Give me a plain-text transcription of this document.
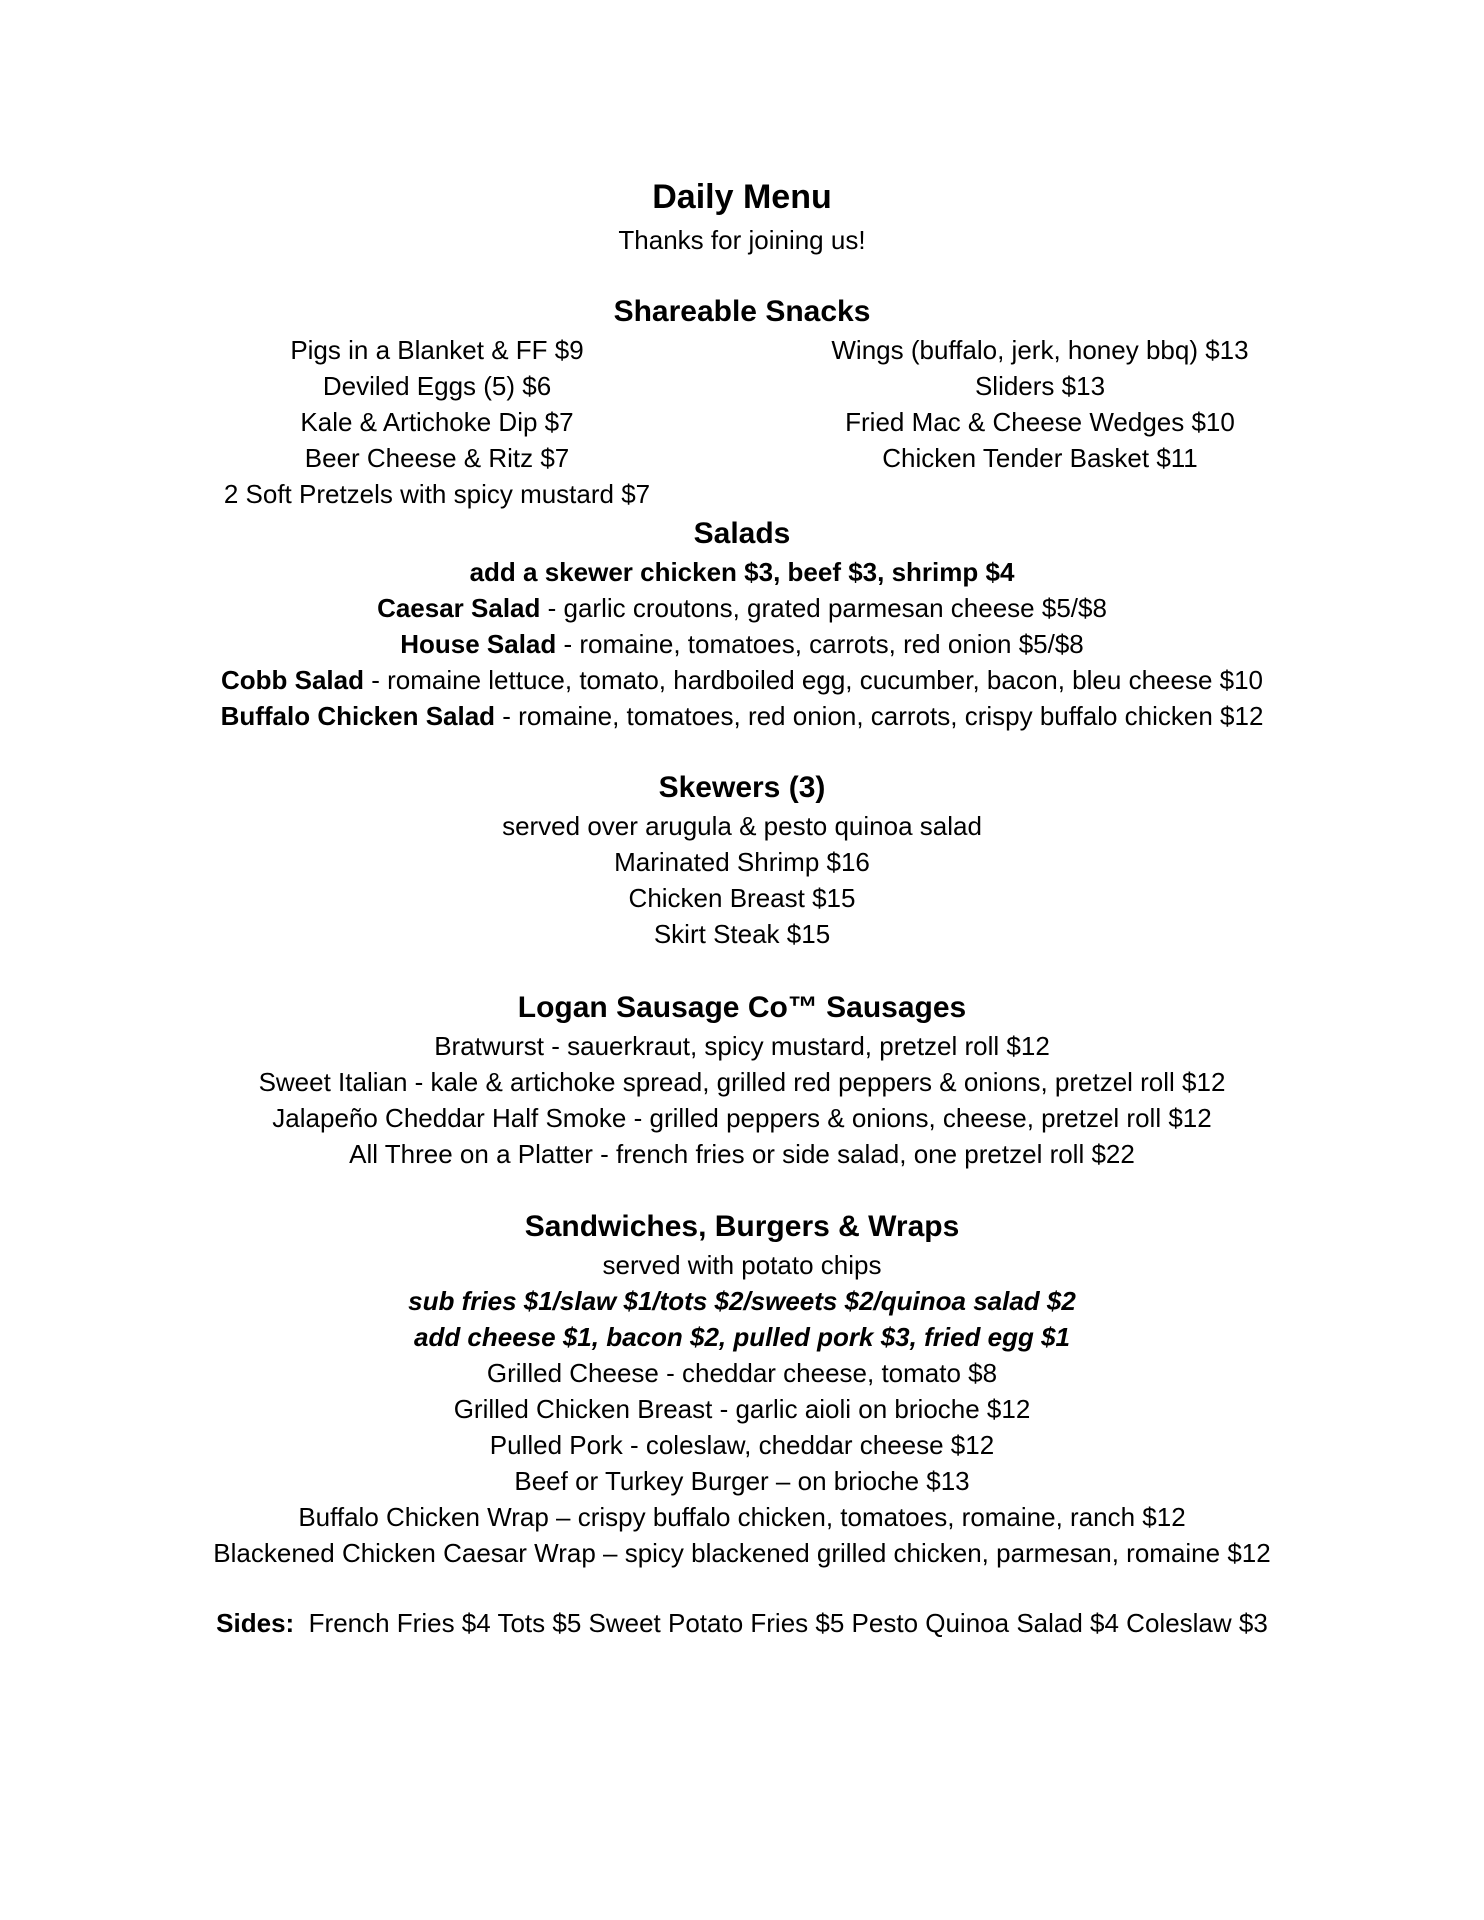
Daily Menu
Thanks for joining us!
Shareable Snacks
Pigs in a Blanket & FF $9
Deviled Eggs (5) $6
Kale & Artichoke Dip $7
Beer Cheese & Ritz $7
2 Soft Pretzels with spicy mustard $7
Wings (buffalo, jerk, honey bbq) $13
Sliders $13
Fried Mac & Cheese Wedges $10
Chicken Tender Basket $11
Salads
add a skewer chicken $3, beef $3, shrimp $4
Caesar Salad - garlic croutons, grated parmesan cheese $5/$8
House Salad - romaine, tomatoes, carrots, red onion $5/$8
Cobb Salad - romaine lettuce, tomato, hardboiled egg, cucumber, bacon, bleu cheese $10
Buffalo Chicken Salad - romaine, tomatoes, red onion, carrots, crispy buffalo chicken $12
Skewers (3)
served over arugula & pesto quinoa salad
Marinated Shrimp $16
Chicken Breast $15
Skirt Steak $15
Logan Sausage Co™ Sausages
Bratwurst - sauerkraut, spicy mustard, pretzel roll $12
Sweet Italian - kale & artichoke spread, grilled red peppers & onions, pretzel roll $12
Jalapeño Cheddar Half Smoke - grilled peppers & onions, cheese, pretzel roll $12
All Three on a Platter - french fries or side salad, one pretzel roll $22
Sandwiches, Burgers & Wraps
served with potato chips
sub fries $1/slaw $1/tots $2/sweets $2/quinoa salad $2
add cheese $1, bacon $2, pulled pork $3, fried egg $1
Grilled Cheese - cheddar cheese, tomato $8
Grilled Chicken Breast - garlic aioli on brioche $12
Pulled Pork - coleslaw, cheddar cheese $12
Beef or Turkey Burger – on brioche $13
Buffalo Chicken Wrap – crispy buffalo chicken, tomatoes, romaine, ranch $12
Blackened Chicken Caesar Wrap – spicy blackened grilled chicken, parmesan, romaine $12
Sides:  French Fries $4 Tots $5 Sweet Potato Fries $5 Pesto Quinoa Salad $4 Coleslaw $3
